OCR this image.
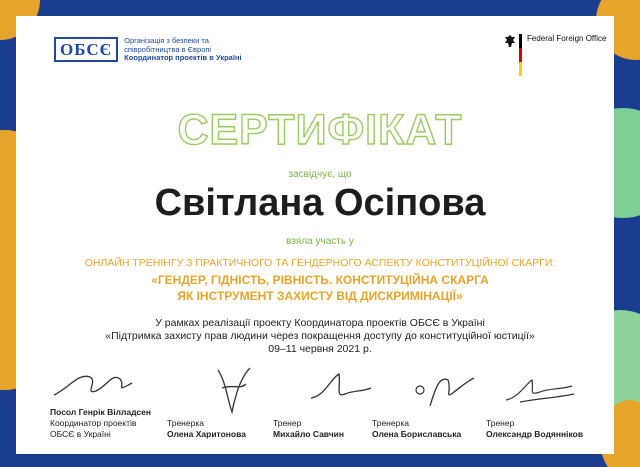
ОБСЄ	Організація з безпеки та
співробітництва в Європі
Координатор проектів в Україні
Federal Foreign Office
СЕРТИФІКАТ
засвідчує, що
Світлана Осіпова
взяла участь у
ОНЛАЙН ТРЕНІНГУ З ПРАКТИЧНОГО ТА ГЕНДЕРНОГО АСПЕКТУ КОНСТИТУЦІЙНОЇ СКАРГИ:
«ГЕНДЕР, ГІДНІСТЬ, РІВНІСТЬ. КОНСТИТУЦІЙНА СКАРГА
ЯК ІНСТРУМЕНТ ЗАХИСТУ ВІД ДИСКРИМІНАЦІЇ»
У рамках реалізації проекту Координатора проектів ОБСЄ в Україні
«Підтримка захисту прав людини через покращення доступу до конституційної юстиції»
09–11 червня 2021 р.
Посол Генрік Вілладсен
Координатор проектів
ОБСЄ в Україні
Тренерка
Олена Харитонова
Тренер
Михайло Савчин
Тренерка
Олена Бориславська
Тренер
Олександр Водянніков
